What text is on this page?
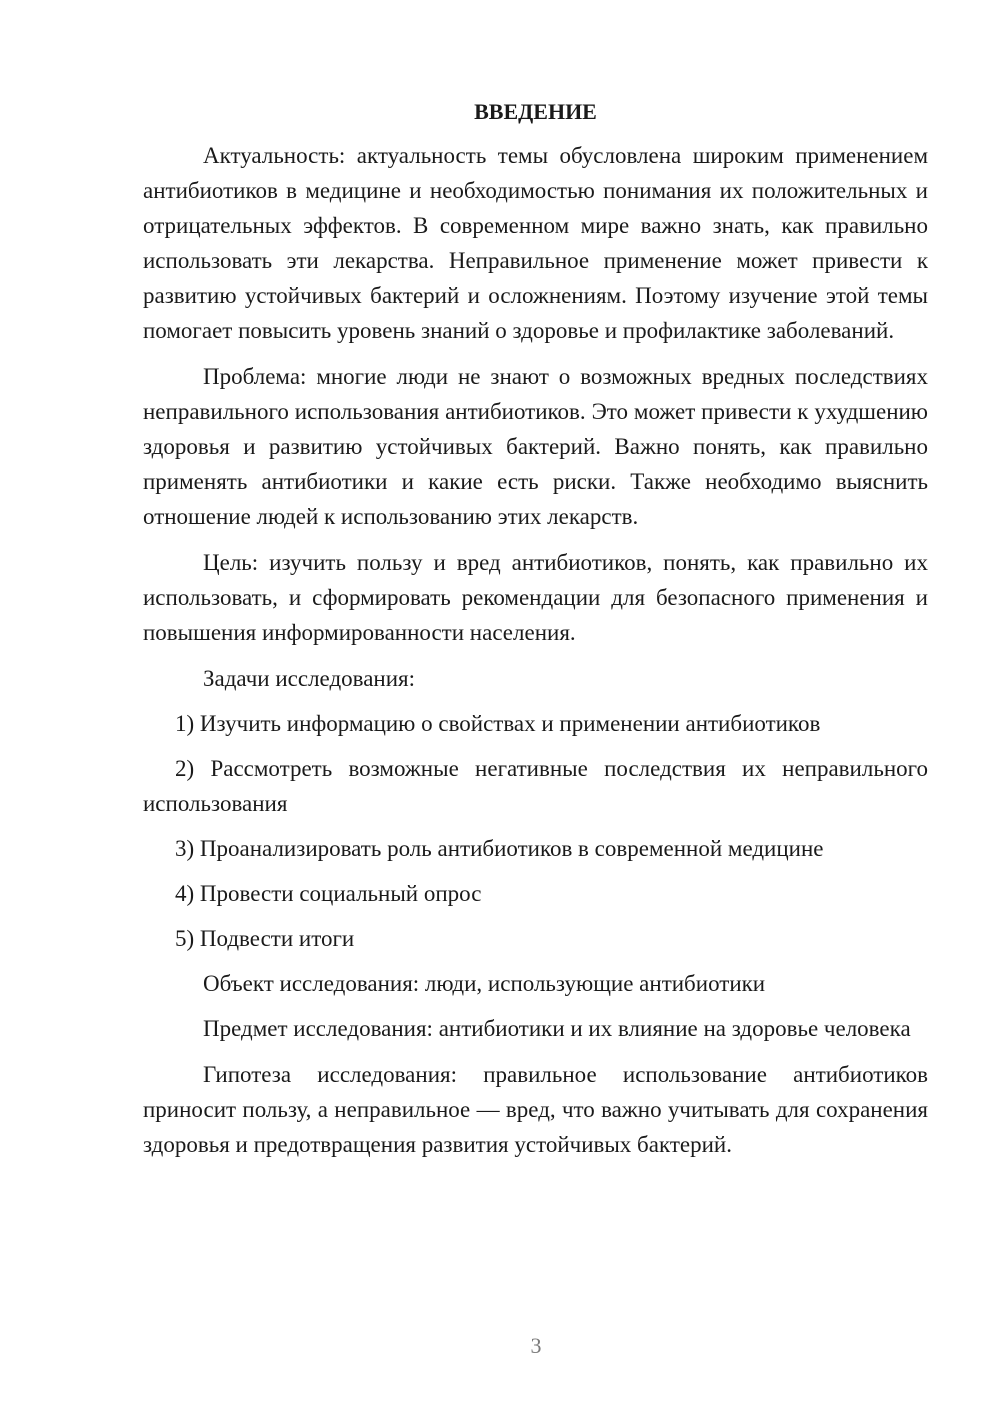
ВВЕДЕНИЕ

Актуальность: актуальность темы обусловлена широким применением антибиотиков в медицине и необходимостью понимания их положительных и отрицательных эффектов. В современном мире важно знать, как правильно использовать эти лекарства. Неправильное применение может привести к развитию устойчивых бактерий и осложнениям. Поэтому изучение этой темы помогает повысить уровень знаний о здоровье и профилактике заболеваний.

Проблема: многие люди не знают о возможных вредных последствиях неправильного использования антибиотиков. Это может привести к ухудшению здоровья и развитию устойчивых бактерий. Важно понять, как правильно применять антибиотики и какие есть риски. Также необходимо выяснить отношение людей к использованию этих лекарств.

Цель: изучить пользу и вред антибиотиков, понять, как правильно их использовать, и сформировать рекомендации для безопасного применения и повышения информированности населения.

Задачи исследования:

1) Изучить информацию о свойствах и применении антибиотиков

2) Рассмотреть возможные негативные последствия их неправильного использования

3) Проанализировать роль антибиотиков в современной медицине

4) Провести социальный опрос

5) Подвести итоги

Объект исследования: люди, использующие антибиотики

Предмет исследования: антибиотики и их влияние на здоровье человека

Гипотеза исследования: правильное использование антибиотиков приносит пользу, а неправильное — вред, что важно учитывать для сохранения здоровья и предотвращения развития устойчивых бактерий.

3
